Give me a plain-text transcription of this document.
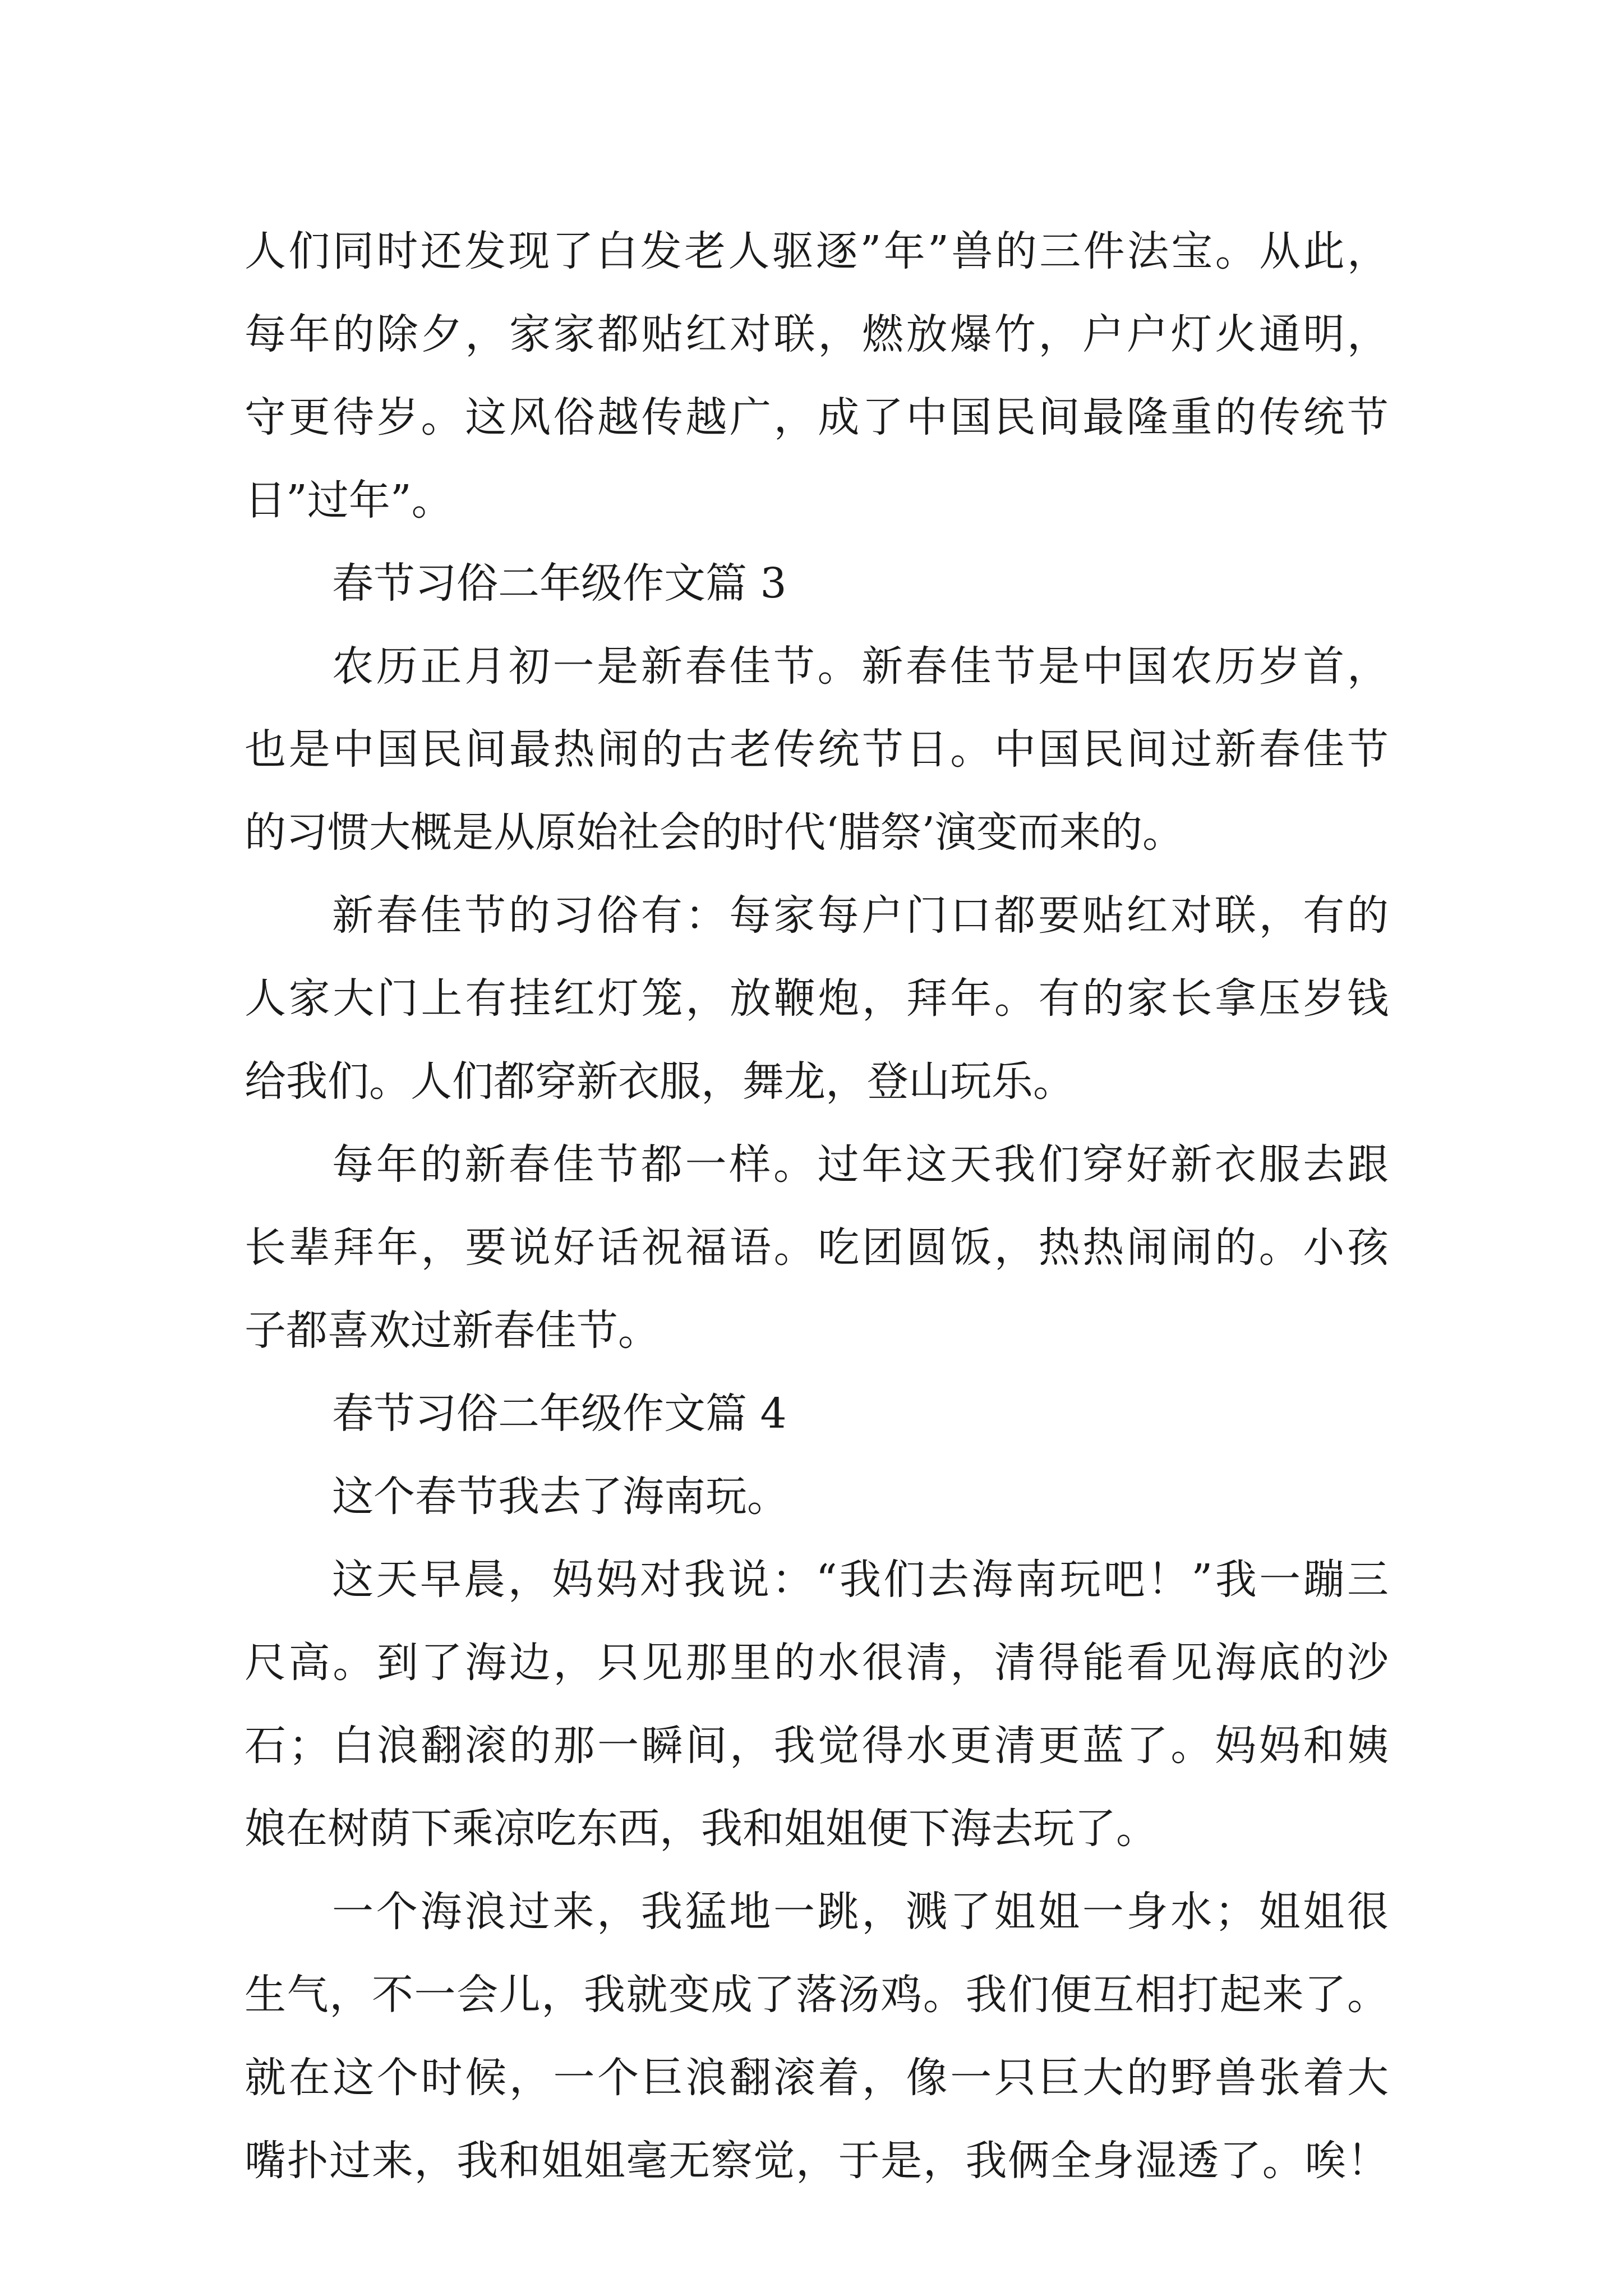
人们同时还发现了白发老人驱逐”年”兽的三件法宝。从此，
每年的除夕，家家都贴红对联，燃放爆竹，户户灯火通明，
守更待岁。这风俗越传越广，成了中国民间最隆重的传统节
日”过年”。
春节习俗二年级作文篇 3
农历正月初一是新春佳节。新春佳节是中国农历岁首，
也是中国民间最热闹的古老传统节日。中国民间过新春佳节
的习惯大概是从原始社会的时代‘腊祭’演变而来的。
新春佳节的习俗有：每家每户门口都要贴红对联，有的
人家大门上有挂红灯笼，放鞭炮，拜年。有的家长拿压岁钱
给我们。人们都穿新衣服，舞龙，登山玩乐。
每年的新春佳节都一样。过年这天我们穿好新衣服去跟
长辈拜年，要说好话祝福语。吃团圆饭，热热闹闹的。小孩
子都喜欢过新春佳节。
春节习俗二年级作文篇 4
这个春节我去了海南玩。
这天早晨，妈妈对我说：“我们去海南玩吧！”我一蹦三
尺高。到了海边，只见那里的水很清，清得能看见海底的沙
石；白浪翻滚的那一瞬间，我觉得水更清更蓝了。妈妈和姨
娘在树荫下乘凉吃东西，我和姐姐便下海去玩了。
一个海浪过来，我猛地一跳，溅了姐姐一身水；姐姐很
生气，不一会儿，我就变成了落汤鸡。我们便互相打起来了。
就在这个时候，一个巨浪翻滚着，像一只巨大的野兽张着大
嘴扑过来，我和姐姐毫无察觉，于是，我俩全身湿透了。唉！
